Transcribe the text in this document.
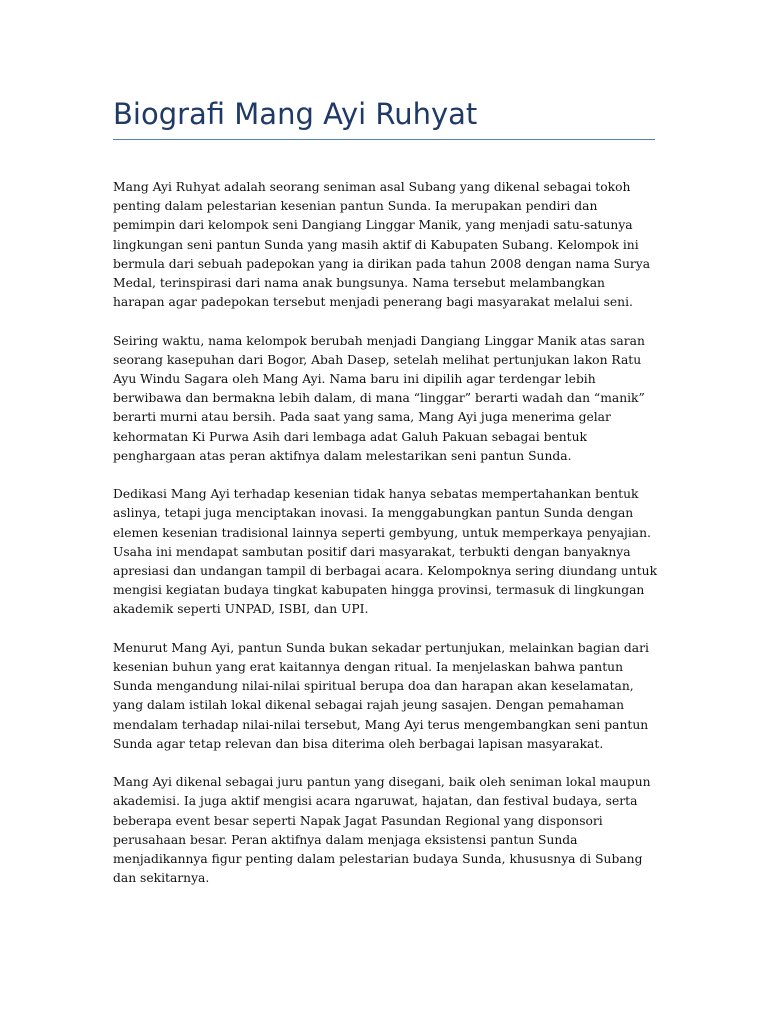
Biografi Mang Ayi Ruhyat

Mang Ayi Ruhyat adalah seorang seniman asal Subang yang dikenal sebagai tokoh penting dalam pelestarian kesenian pantun Sunda. Ia merupakan pendiri dan pemimpin dari kelompok seni Dangiang Linggar Manik, yang menjadi satu-satunya lingkungan seni pantun Sunda yang masih aktif di Kabupaten Subang. Kelompok ini bermula dari sebuah padepokan yang ia dirikan pada tahun 2008 dengan nama Surya Medal, terinspirasi dari nama anak bungsunya. Nama tersebut melambangkan harapan agar padepokan tersebut menjadi penerang bagi masyarakat melalui seni.

Seiring waktu, nama kelompok berubah menjadi Dangiang Linggar Manik atas saran seorang kasepuhan dari Bogor, Abah Dasep, setelah melihat pertunjukan lakon Ratu Ayu Windu Sagara oleh Mang Ayi. Nama baru ini dipilih agar terdengar lebih berwibawa dan bermakna lebih dalam, di mana “linggar” berarti wadah dan “manik” berarti murni atau bersih. Pada saat yang sama, Mang Ayi juga menerima gelar kehormatan Ki Purwa Asih dari lembaga adat Galuh Pakuan sebagai bentuk penghargaan atas peran aktifnya dalam melestarikan seni pantun Sunda.

Dedikasi Mang Ayi terhadap kesenian tidak hanya sebatas mempertahankan bentuk aslinya, tetapi juga menciptakan inovasi. Ia menggabungkan pantun Sunda dengan elemen kesenian tradisional lainnya seperti gembyung, untuk memperkaya penyajian. Usaha ini mendapat sambutan positif dari masyarakat, terbukti dengan banyaknya apresiasi dan undangan tampil di berbagai acara. Kelompoknya sering diundang untuk mengisi kegiatan budaya tingkat kabupaten hingga provinsi, termasuk di lingkungan akademik seperti UNPAD, ISBI, dan UPI.

Menurut Mang Ayi, pantun Sunda bukan sekadar pertunjukan, melainkan bagian dari kesenian buhun yang erat kaitannya dengan ritual. Ia menjelaskan bahwa pantun Sunda mengandung nilai-nilai spiritual berupa doa dan harapan akan keselamatan, yang dalam istilah lokal dikenal sebagai rajah jeung sasajen. Dengan pemahaman mendalam terhadap nilai-nilai tersebut, Mang Ayi terus mengembangkan seni pantun Sunda agar tetap relevan dan bisa diterima oleh berbagai lapisan masyarakat.

Mang Ayi dikenal sebagai juru pantun yang disegani, baik oleh seniman lokal maupun akademisi. Ia juga aktif mengisi acara ngaruwat, hajatan, dan festival budaya, serta beberapa event besar seperti Napak Jagat Pasundan Regional yang disponsori perusahaan besar. Peran aktifnya dalam menjaga eksistensi pantun Sunda menjadikannya figur penting dalam pelestarian budaya Sunda, khususnya di Subang dan sekitarnya.
